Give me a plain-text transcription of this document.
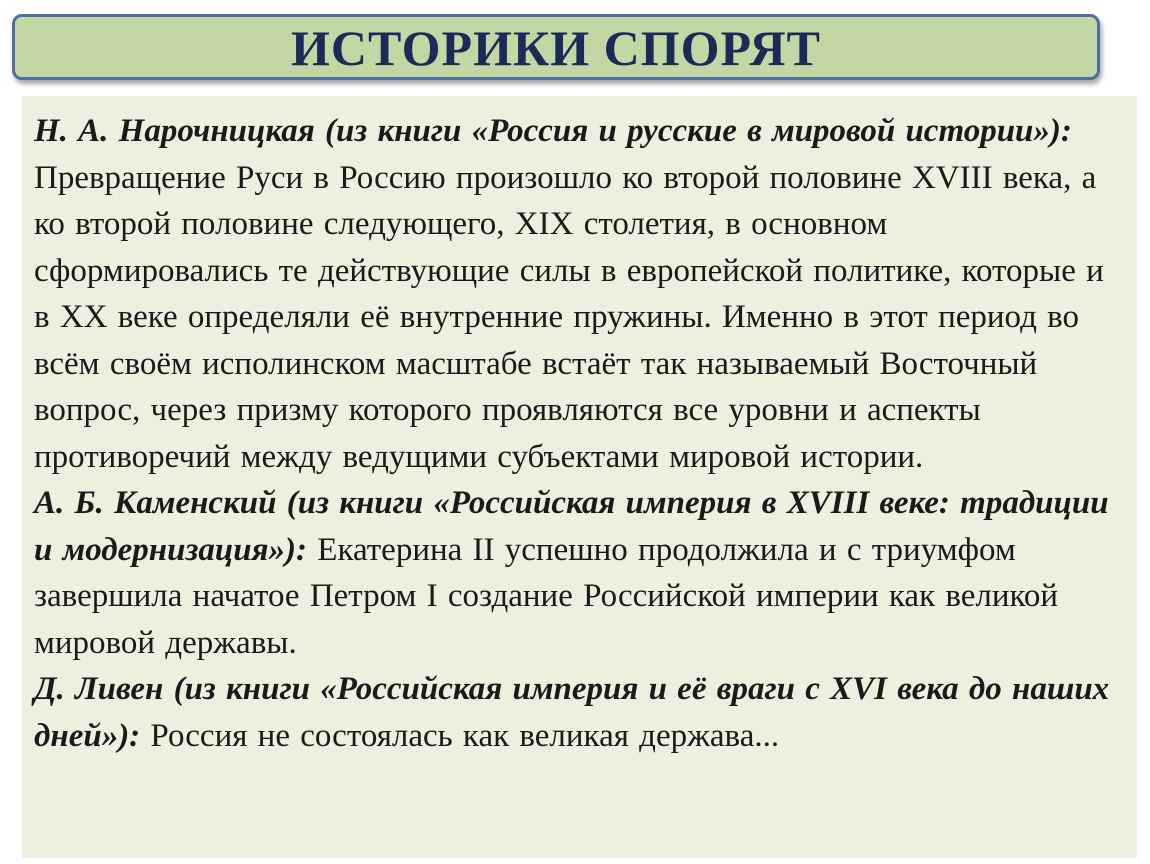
ИСТОРИКИ СПОРЯТ

Н. А. Нарочницкая (из книги «Россия и русские в мировой истории»):

Превращение Руси в Россию произошло ко второй половине XVIII века, а ко второй половине следующего, XIX столетия, в основном сформировались те действующие силы в европейской политике, которые и в XX веке определяли её внутренние пружины. Именно в этот период во всём своём исполинском масштабе встаёт так называемый Восточный вопрос, через призму которого проявляются все уровни и аспекты противоречий между ведущими субъектами мировой истории.

А. Б. Каменский (из книги «Российская империя в XVIII веке: традиции и модернизация»): Екатерина II успешно продолжила и с триумфом завершила начатое Петром I создание Российской империи как великой мировой державы.

Д. Ливен (из книги «Российская империя и её враги с XVI века до наших дней»): Россия не состоялась как великая держава...
